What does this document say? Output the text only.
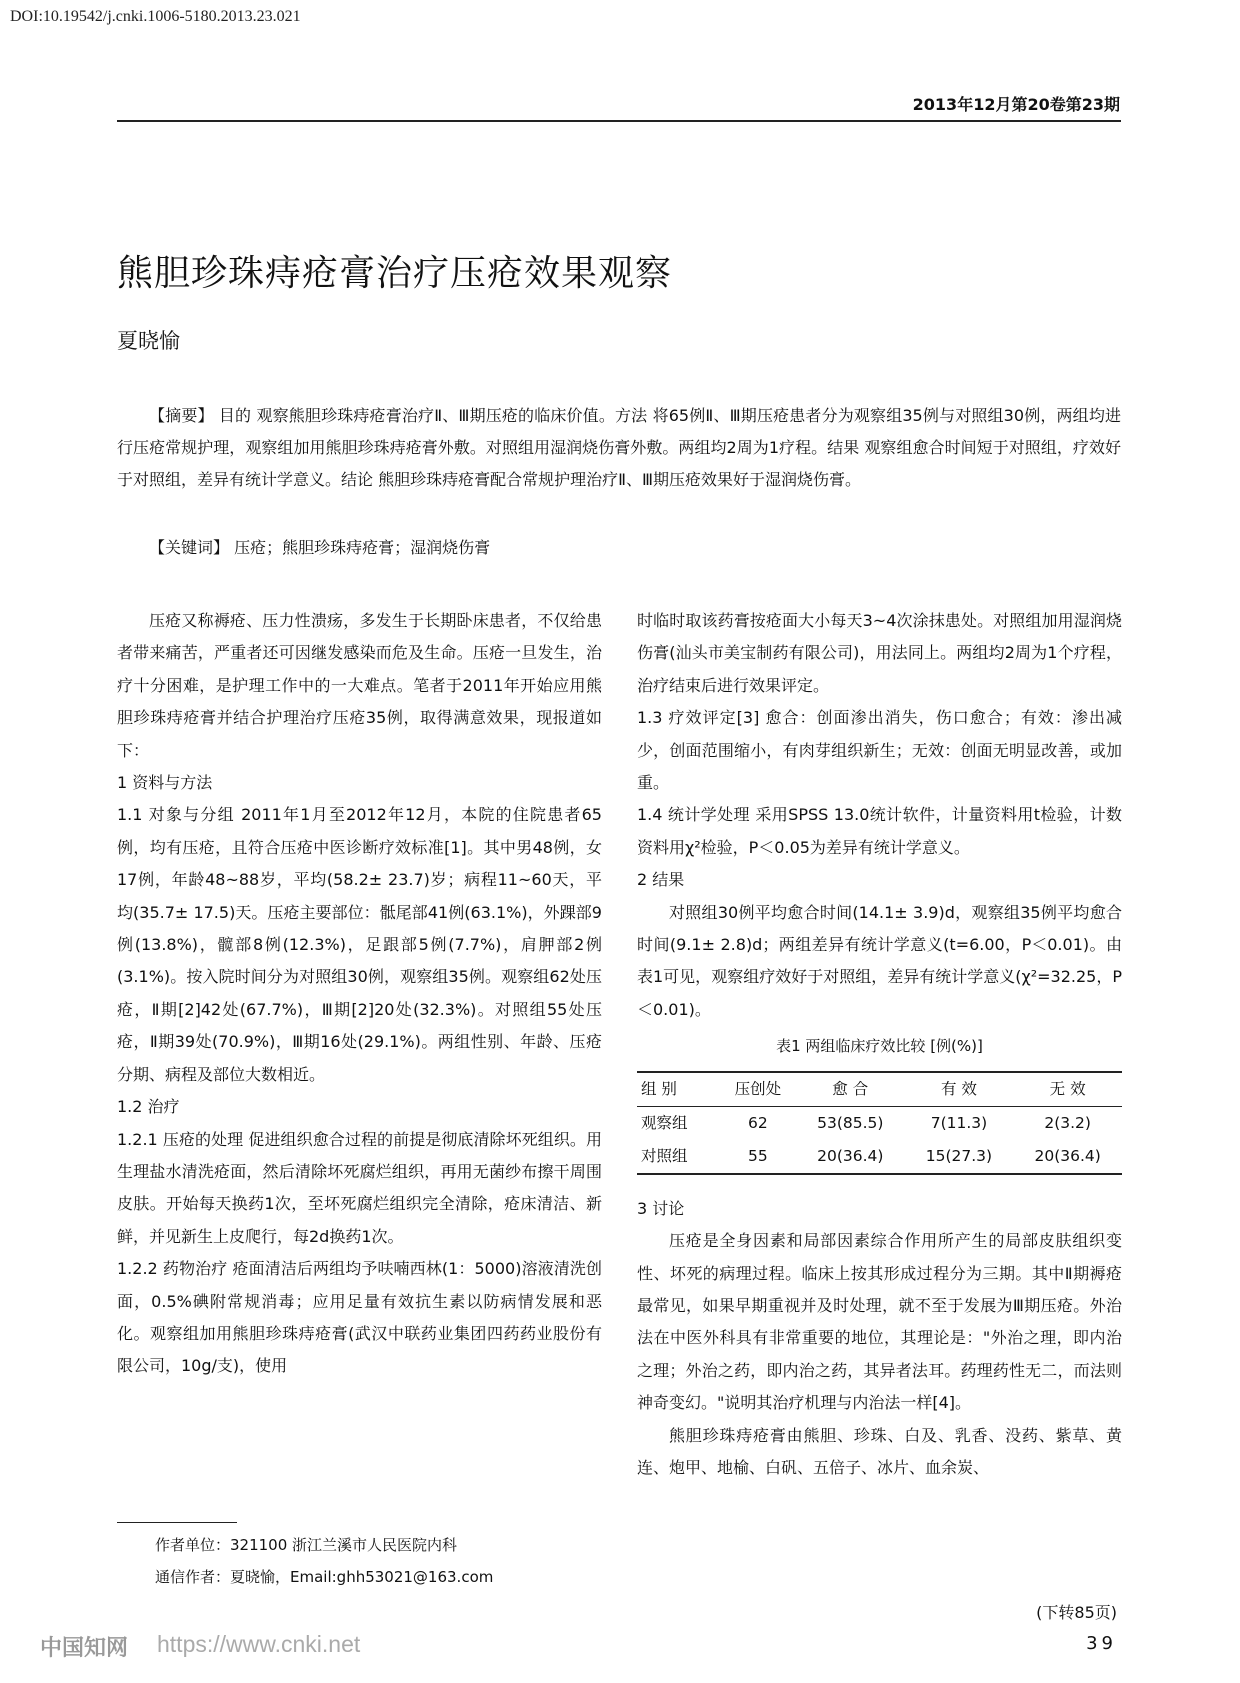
DOI:10.19542/j.cnki.1006-5180.2013.23.021
2013年12月第20卷第23期
熊胆珍珠痔疮膏治疗压疮效果观察
夏晓愉
【摘要】 目的 观察熊胆珍珠痔疮膏治疗Ⅱ、Ⅲ期压疮的临床价值。方法 将65例Ⅱ、Ⅲ期压疮患者分为观察组35例与对照组30例，两组均进行压疮常规护理，观察组加用熊胆珍珠痔疮膏外敷。对照组用湿润烧伤膏外敷。两组均2周为1疗程。结果 观察组愈合时间短于对照组，疗效好于对照组，差异有统计学意义。结论 熊胆珍珠痔疮膏配合常规护理治疗Ⅱ、Ⅲ期压疮效果好于湿润烧伤膏。
【关键词】 压疮；熊胆珍珠痔疮膏；湿润烧伤膏

压疮又称褥疮、压力性溃疡，多发生于长期卧床患者，不仅给患者带来痛苦，严重者还可因继发感染而危及生命。压疮一旦发生，治疗十分困难，是护理工作中的一大难点。笔者于2011年开始应用熊胆珍珠痔疮膏并结合护理治疗压疮35例，取得满意效果，现报道如下：

1 资料与方法

1.1 对象与分组 2011年1月至2012年12月，本院的住院患者65例，均有压疮，且符合压疮中医诊断疗效标准[1]。其中男48例，女17例，年龄48~88岁，平均(58.2± 23.7)岁；病程11~60天，平均(35.7± 17.5)天。压疮主要部位：骶尾部41例(63.1%)，外踝部9例(13.8%)，髋部8例(12.3%)，足跟部5例(7.7%)，肩胛部2例(3.1%)。按入院时间分为对照组30例，观察组35例。观察组62处压疮，Ⅱ期[2]42处(67.7%)，Ⅲ期[2]20处(32.3%)。对照组55处压疮，Ⅱ期39处(70.9%)，Ⅲ期16处(29.1%)。两组性别、年龄、压疮分期、病程及部位大数相近。

1.2 治疗

1.2.1 压疮的处理 促进组织愈合过程的前提是彻底清除坏死组织。用生理盐水清洗疮面，然后清除坏死腐烂组织，再用无菌纱布擦干周围皮肤。开始每天换药1次，至坏死腐烂组织完全清除，疮床清洁、新鲜，并见新生上皮爬行，每2d换药1次。

1.2.2 药物治疗 疮面清洁后两组均予呋喃西林(1：5000)溶液清洗创面，0.5%碘附常规消毒；应用足量有效抗生素以防病情发展和恶化。观察组加用熊胆珍珠痔疮膏(武汉中联药业集团四药药业股份有限公司，10g/支)，使用

时临时取该药膏按疮面大小每天3~4次涂抹患处。对照组加用湿润烧伤膏(汕头市美宝制药有限公司)，用法同上。两组均2周为1个疗程，治疗结束后进行效果评定。

1.3 疗效评定[3] 愈合：创面渗出消失，伤口愈合；有效：渗出减少，创面范围缩小，有肉芽组织新生；无效：创面无明显改善，或加重。

1.4 统计学处理 采用SPSS 13.0统计软件，计量资料用t检验，计数资料用χ²检验，P＜0.05为差异有统计学意义。

2 结果

对照组30例平均愈合时间(14.1± 3.9)d，观察组35例平均愈合时间(9.1± 2.8)d；两组差异有统计学意义(t=6.00，P＜0.01)。由表1可见，观察组疗效好于对照组，差异有统计学意义(χ²=32.25，P＜0.01)。

表1 两组临床疗效比较 [例(%)]
组 别	压创处	愈 合	有 效	无 效
观察组	62	53(85.5)	7(11.3)	2(3.2)
对照组	55	20(36.4)	15(27.3)	20(36.4)

3 讨论

压疮是全身因素和局部因素综合作用所产生的局部皮肤组织变性、坏死的病理过程。临床上按其形成过程分为三期。其中Ⅱ期褥疮最常见，如果早期重视并及时处理，就不至于发展为Ⅲ期压疮。外治法在中医外科具有非常重要的地位，其理论是："外治之理，即内治之理；外治之药，即内治之药，其异者法耳。药理药性无二，而法则神奇变幻。"说明其治疗机理与内治法一样[4]。

熊胆珍珠痔疮膏由熊胆、珍珠、白及、乳香、没药、紫草、黄连、炮甲、地榆、白矾、五倍子、冰片、血余炭、

作者单位：321100 浙江兰溪市人民医院内科
通信作者：夏晓愉，Email:ghh53021@163.com
(下转85页)
中国知网 https://www.cnki.net	39
